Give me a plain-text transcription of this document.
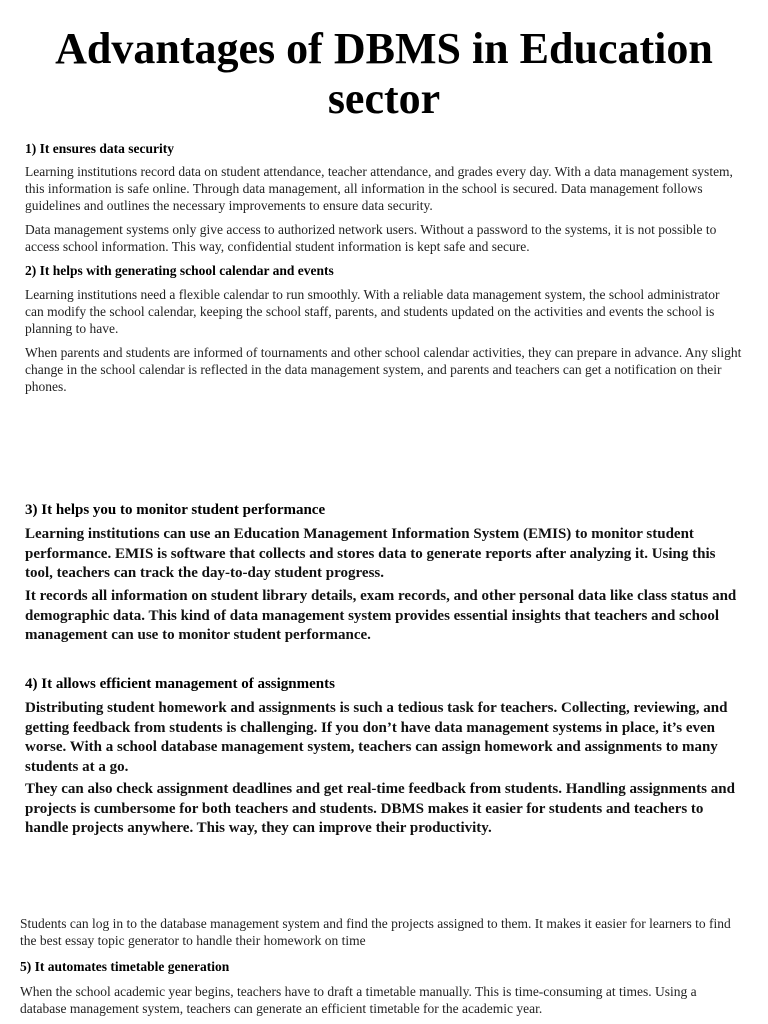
Advantages of DBMS in Education sector
1) It ensures data security

Learning institutions record data on student attendance, teacher attendance, and grades every day. With a data management system, this information is safe online. Through data management, all information in the school is secured. Data management follows guidelines and outlines the necessary improvements to ensure data security.

Data management systems only give access to authorized network users. Without a password to the systems, it is not possible to access school information. This way, confidential student information is kept safe and secure.

2) It helps with generating school calendar and events

Learning institutions need a flexible calendar to run smoothly. With a reliable data management system, the school administrator can modify the school calendar, keeping the school staff, parents, and students updated on the activities and events the school is planning to have.

When parents and students are informed of tournaments and other school calendar activities, they can prepare in advance. Any slight change in the school calendar is reflected in the data management system, and parents and teachers can get a notification on their phones.

3) It helps you to monitor student performance

Learning institutions can use an Education Management Information System (EMIS) to monitor student performance. EMIS is software that collects and stores data to generate reports after analyzing it. Using this tool, teachers can track the day-to-day student progress.

It records all information on student library details, exam records, and other personal data like class status and demographic data. This kind of data management system provides essential insights that teachers and school management can use to monitor student performance.

4) It allows efficient management of assignments

Distributing student homework and assignments is such a tedious task for teachers. Collecting, reviewing, and getting feedback from students is challenging. If you don’t have data management systems in place, it’s even worse. With a school database management system, teachers can assign homework and assignments to many students at a go.

They can also check assignment deadlines and get real-time feedback from students. Handling assignments and projects is cumbersome for both teachers and students. DBMS makes it easier for students and teachers to handle projects anywhere. This way, they can improve their productivity.

Students can log in to the database management system and find the projects assigned to them. It makes it easier for learners to find the best essay topic generator to handle their homework on time

5) It automates timetable generation

When the school academic year begins, teachers have to draft a timetable manually. This is time-consuming at times. Using a database management system, teachers can generate an efficient timetable for the academic year.
